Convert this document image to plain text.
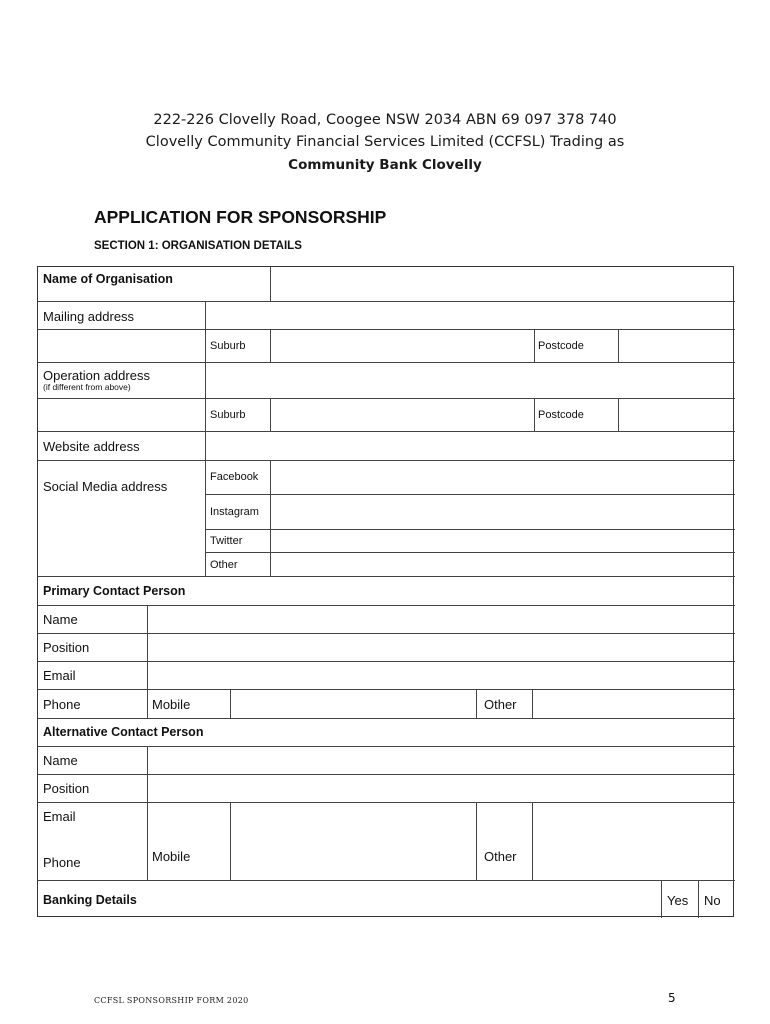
222-226 Clovelly Road, Coogee NSW 2034 ABN 69 097 378 740
Clovelly Community Financial Services Limited (CCFSL) Trading as
Community Bank Clovelly
APPLICATION FOR SPONSORSHIP
SECTION 1: ORGANISATION DETAILS
Name of Organisation
Mailing address
Suburb	Postcode
Operation address
(if different from above)
Suburb	Postcode
Website address
Social Media address
Facebook
Instagram
Twitter
Other
Primary Contact Person
Name
Position
Email
Phone	Mobile	Other
Alternative Contact Person
Name
Position
Email
Phone	Mobile	Other
Banking Details	Yes No
CCFSL SPONSORSHIP FORM 2020	5
